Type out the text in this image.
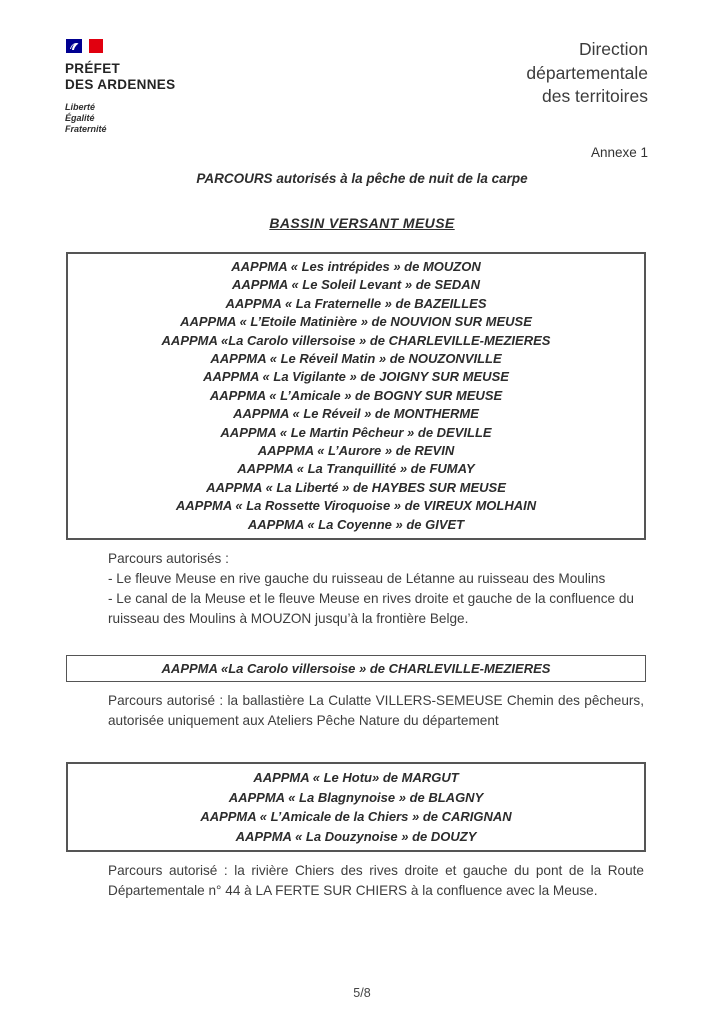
PRÉFET
DES ARDENNES
Liberté
Égalité
Fraternité
Direction
départementale
des territoires
Annexe 1
PARCOURS autorisés à la pêche de nuit de la carpe
BASSIN VERSANT MEUSE
AAPPMA « Les intrépides » de MOUZON
AAPPMA « Le Soleil Levant » de SEDAN
AAPPMA « La Fraternelle » de BAZEILLES
AAPPMA « L’Etoile Matinière » de NOUVION SUR MEUSE
AAPPMA «La Carolo villersoise » de CHARLEVILLE-MEZIERES
AAPPMA « Le Réveil Matin » de NOUZONVILLE
AAPPMA « La Vigilante » de JOIGNY SUR MEUSE
AAPPMA « L’Amicale » de BOGNY SUR MEUSE
AAPPMA « Le Réveil » de MONTHERME
AAPPMA « Le Martin Pêcheur » de DEVILLE
AAPPMA « L’Aurore » de REVIN
AAPPMA « La Tranquillité » de FUMAY
AAPPMA « La Liberté » de HAYBES SUR MEUSE
AAPPMA « La Rossette Viroquoise » de VIREUX MOLHAIN
AAPPMA « La Coyenne » de GIVET
Parcours autorisés :
- Le fleuve Meuse en rive gauche du ruisseau de Létanne au ruisseau des Moulins
- Le canal de la Meuse et le fleuve Meuse en rives droite et gauche de la confluence du ruisseau des Moulins à MOUZON jusqu’à la frontière Belge.
AAPPMA «La Carolo villersoise » de CHARLEVILLE-MEZIERES
Parcours autorisé : la ballastière La Culatte VILLERS-SEMEUSE Chemin des pêcheurs, autorisée uniquement aux Ateliers Pêche Nature du département
AAPPMA « Le Hotu» de MARGUT
AAPPMA « La Blagnynoise » de BLAGNY
AAPPMA « L’Amicale de la Chiers » de CARIGNAN
AAPPMA « La Douzynoise » de DOUZY
Parcours autorisé : la rivière Chiers des rives droite et gauche du pont de la Route Départementale n° 44 à LA FERTE SUR CHIERS à la confluence avec la Meuse.
5/8
